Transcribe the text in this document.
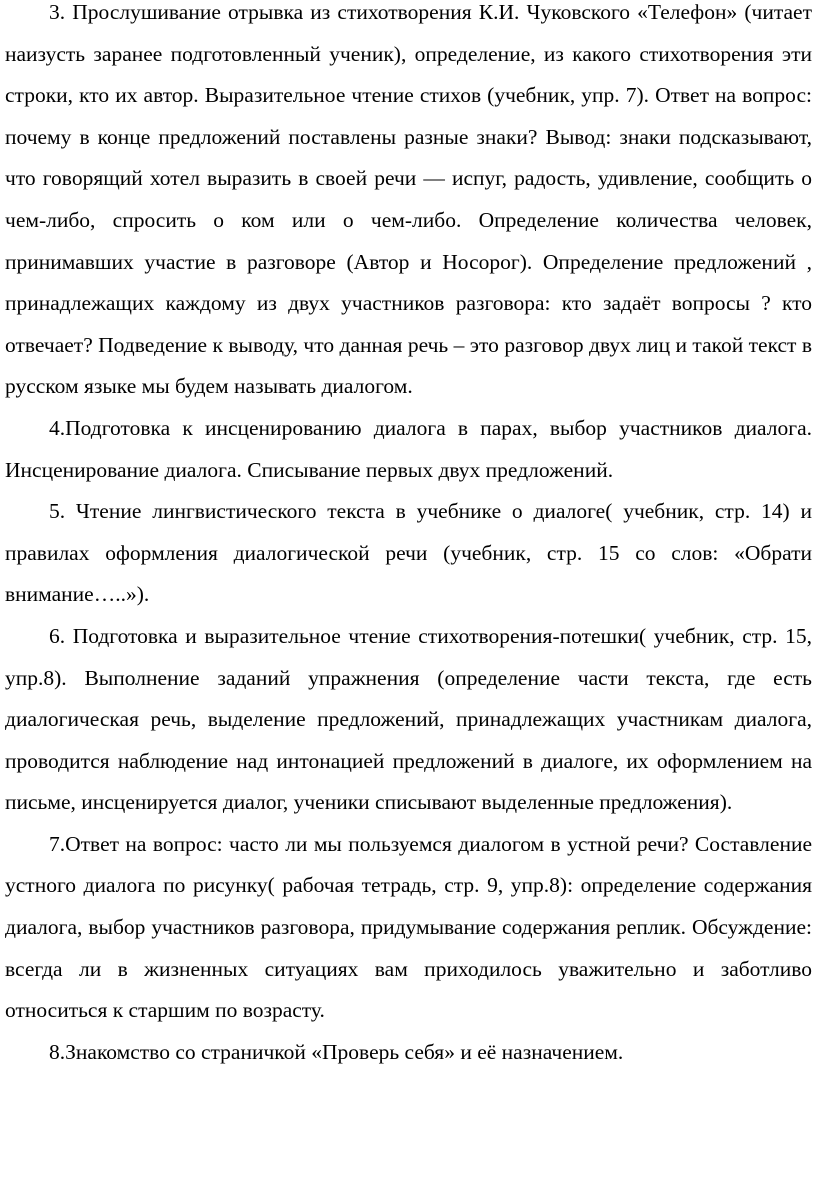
3. Прослушивание отрывка из стихотворения К.И. Чуковского «Телефон» (читает наизусть заранее подготовленный ученик), определение, из какого стихотворения эти строки, кто их автор. Выразительное чтение стихов (учебник, упр. 7). Ответ на вопрос: почему в конце предложений поставлены разные знаки? Вывод: знаки подсказывают, что говорящий хотел выразить в своей речи — испуг, радость, удивление, сообщить о чем-либо, спросить о ком или о чем-либо. Определение количества человек, принимавших участие в разговоре (Автор и Носорог). Определение предложений , принадлежащих каждому из двух участников разговора: кто задаёт вопросы ? кто отвечает? Подведение к выводу, что данная речь – это разговор двух лиц и такой текст в русском языке мы будем называть диалогом.

4.Подготовка к инсценированию диалога в парах, выбор участников диалога. Инсценирование диалога. Списывание первых двух предложений.

5. Чтение лингвистического текста в учебнике о диалоге( учебник, стр. 14) и правилах оформления диалогической речи (учебник, стр. 15 со слов: «Обрати внимание…..»).

6. Подготовка и выразительное чтение стихотворения-потешки( учебник, стр. 15, упр.8). Выполнение заданий упражнения (определение части текста, где есть диалогическая речь, выделение предложений, принадлежащих участникам диалога, проводится наблюдение над интонацией предложений в диалоге, их оформлением на письме, инсценируется диалог, ученики списывают выделенные предложения).

7.Ответ на вопрос: часто ли мы пользуемся диалогом в устной речи? Составление устного диалога по рисунку( рабочая тетрадь, стр. 9, упр.8): определение содержания диалога, выбор участников разговора, придумывание содержания реплик. Обсуждение: всегда ли в жизненных ситуациях вам приходилось уважительно и заботливо относиться к старшим по возрасту.

8.Знакомство со страничкой «Проверь себя» и её назначением.
